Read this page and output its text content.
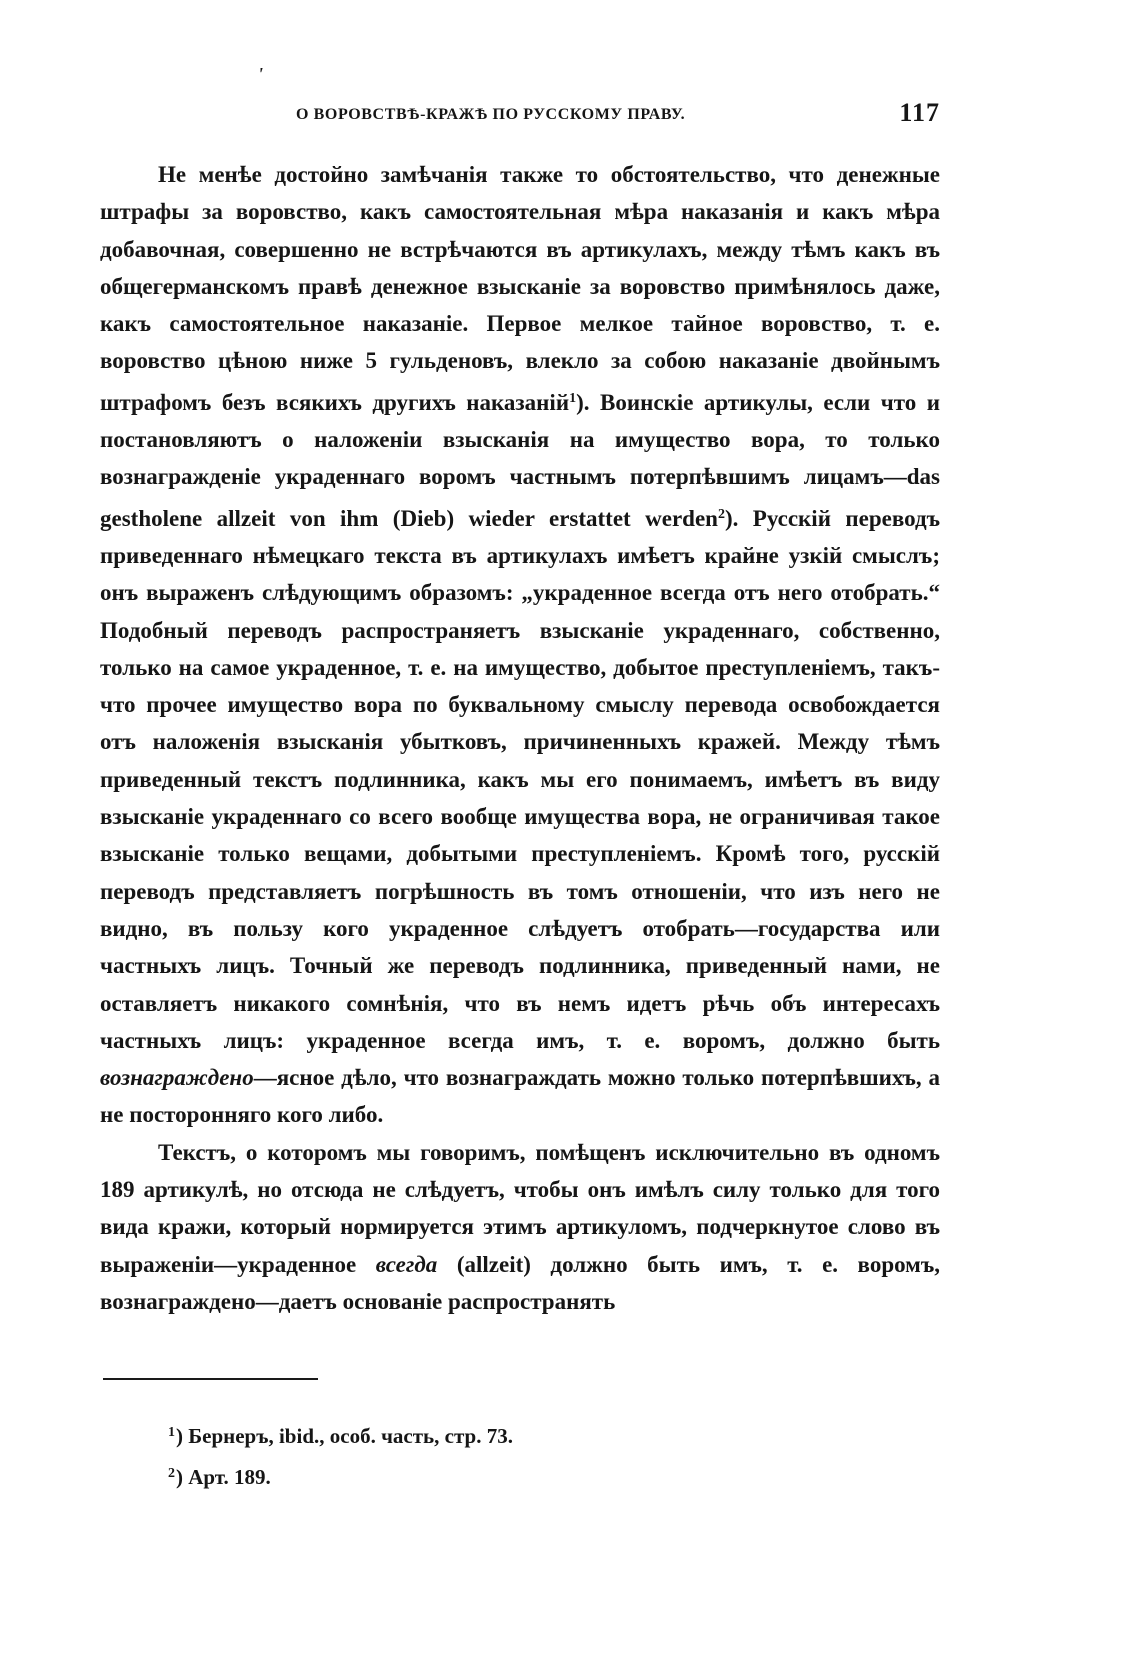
'
О ВОРОВСТВѢ-КРАЖѢ ПО РУССКОМУ ПРАВУ.	117

Не менѣе достойно замѣчанія также то обстоятельство, что денежные штрафы за воровство, какъ самостоятельная мѣра наказанія и какъ мѣра добавочная, совершенно не встрѣчаются въ артикулахъ, между тѣмъ какъ въ общегерманскомъ правѣ денежное взысканіе за воровство примѣнялось даже, какъ самостоятельное наказаніе. Первое мелкое тайное воровство, т. е. воровство цѣною ниже 5 гульденовъ, влекло за собою наказаніе двойнымъ штрафомъ безъ всякихъ другихъ наказаній$^1$). Воинскіе артикулы, если что и постановляютъ о наложеніи взысканія на имущество вора, то только вознагражденіе украденнаго воромъ частнымъ потерпѣвшимъ лицамъ—das gestholene allzeit von ihm (Dieb) wieder erstattet werden$^2$). Русскій переводъ приведеннаго нѣмецкаго текста въ артикулахъ имѣетъ крайне узкій смыслъ; онъ выраженъ слѣдующимъ образомъ: „украденное всегда отъ него отобрать.“ Подобный переводъ распространяетъ взысканіе украденнаго, собственно, только на самое украденное, т. е. на имущество, добытое преступленіемъ, такъ-что прочее имущество вора по буквальному смыслу перевода освобождается отъ наложенія взысканія убытковъ, причиненныхъ кражей. Между тѣмъ приведенный текстъ подлинника, какъ мы его понимаемъ, имѣетъ въ виду взысканіе украденнаго со всего вообще имущества вора, не ограничивая такое взысканіе только вещами, добытыми преступленіемъ. Кромѣ того, русскій переводъ представляетъ погрѣшность въ томъ отношеніи, что изъ него не видно, въ пользу кого украденное слѣдуетъ отобрать—государства или частныхъ лицъ. Точный же переводъ подлинника, приведенный нами, не оставляетъ никакого сомнѣнія, что въ немъ идетъ рѣчь объ интересахъ частныхъ лицъ: украденное всегда имъ, т. е. воромъ, должно быть вознаграждено—ясное дѣло, что вознаграждать можно только потерпѣвшихъ, а не посторонняго кого либо.

Текстъ, о которомъ мы говоримъ, помѣщенъ исключительно въ одномъ 189 артикулѣ, но отсюда не слѣдуетъ, чтобы онъ имѣлъ силу только для того вида кражи, который нормируется этимъ артикуломъ, подчеркнутое слово въ выраженіи—украденное всегда (allzeit) должно быть имъ, т. е. воромъ, вознаграждено—даетъ основаніе распространять

$^1$) Бернеръ, ibid., особ. часть, стр. 73.
$^2$) Арт. 189.
